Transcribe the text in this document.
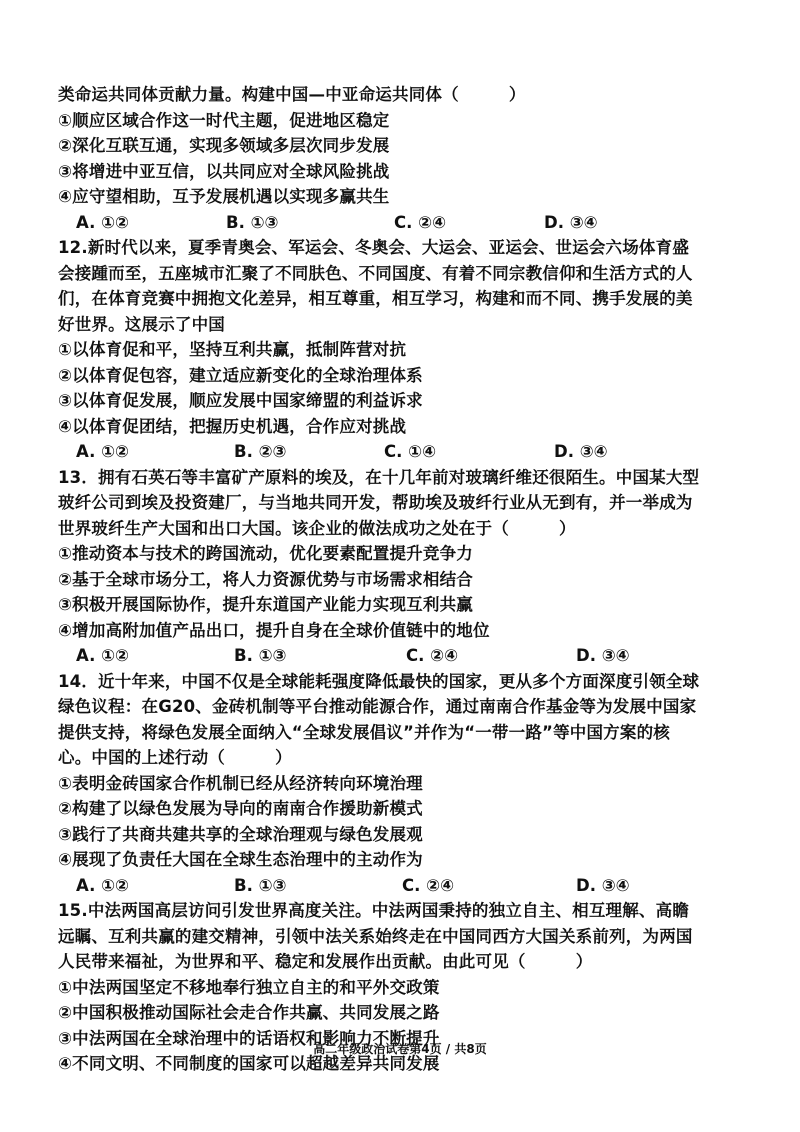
类命运共同体贡献力量。构建中国—中亚命运共同体（　　　）
①顺应区域合作这一时代主题，促进地区稳定
②深化互联互通，实现多领域多层次同步发展
③将增进中亚互信，以共同应对全球风险挑战
④应守望相助，互予发展机遇以实现多赢共生
A. ①②	B. ①③	C. ②④	D. ③④
12.新时代以来，夏季青奥会、军运会、冬奥会、大运会、亚运会、世运会六场体育盛
会接踵而至，五座城市汇聚了不同肤色、不同国度、有着不同宗教信仰和生活方式的人
们，在体育竞赛中拥抱文化差异，相互尊重，相互学习，构建和而不同、携手发展的美
好世界。这展示了中国
①以体育促和平，坚持互利共赢，抵制阵营对抗
②以体育促包容，建立适应新变化的全球治理体系
③以体育促发展，顺应发展中国家缔盟的利益诉求
④以体育促团结，把握历史机遇，合作应对挑战
A. ①②	B. ②③	C. ①④	D. ③④
13．拥有石英石等丰富矿产原料的埃及，在十几年前对玻璃纤维还很陌生。中国某大型
玻纤公司到埃及投资建厂，与当地共同开发，帮助埃及玻纤行业从无到有，并一举成为
世界玻纤生产大国和出口大国。该企业的做法成功之处在于（　　　）
①推动资本与技术的跨国流动，优化要素配置提升竞争力
②基于全球市场分工，将人力资源优势与市场需求相结合
③积极开展国际协作，提升东道国产业能力实现互利共赢
④增加高附加值产品出口，提升自身在全球价值链中的地位
A. ①②	B. ①③	C. ②④	D. ③④
14．近十年来，中国不仅是全球能耗强度降低最快的国家，更从多个方面深度引领全球
绿色议程：在G20、金砖机制等平台推动能源合作，通过南南合作基金等为发展中国家
提供支持，将绿色发展全面纳入“全球发展倡议”并作为“一带一路”等中国方案的核
心。中国的上述行动（　　　）
①表明金砖国家合作机制已经从经济转向环境治理
②构建了以绿色发展为导向的南南合作援助新模式
③践行了共商共建共享的全球治理观与绿色发展观
④展现了负责任大国在全球生态治理中的主动作为
A. ①②	B. ①③	C. ②④	D. ③④
15.中法两国高层访问引发世界高度关注。中法两国秉持的独立自主、相互理解、高瞻
远瞩、互利共赢的建交精神，引领中法关系始终走在中国同西方大国关系前列，为两国
人民带来福祉，为世界和平、稳定和发展作出贡献。由此可见（　　　）
①中法两国坚定不移地奉行独立自主的和平外交政策
②中国积极推动国际社会走合作共赢、共同发展之路
③中法两国在全球治理中的话语权和影响力不断提升
④不同文明、不同制度的国家可以超越差异共同发展
高二年级政治试卷第4页 / 共8页
